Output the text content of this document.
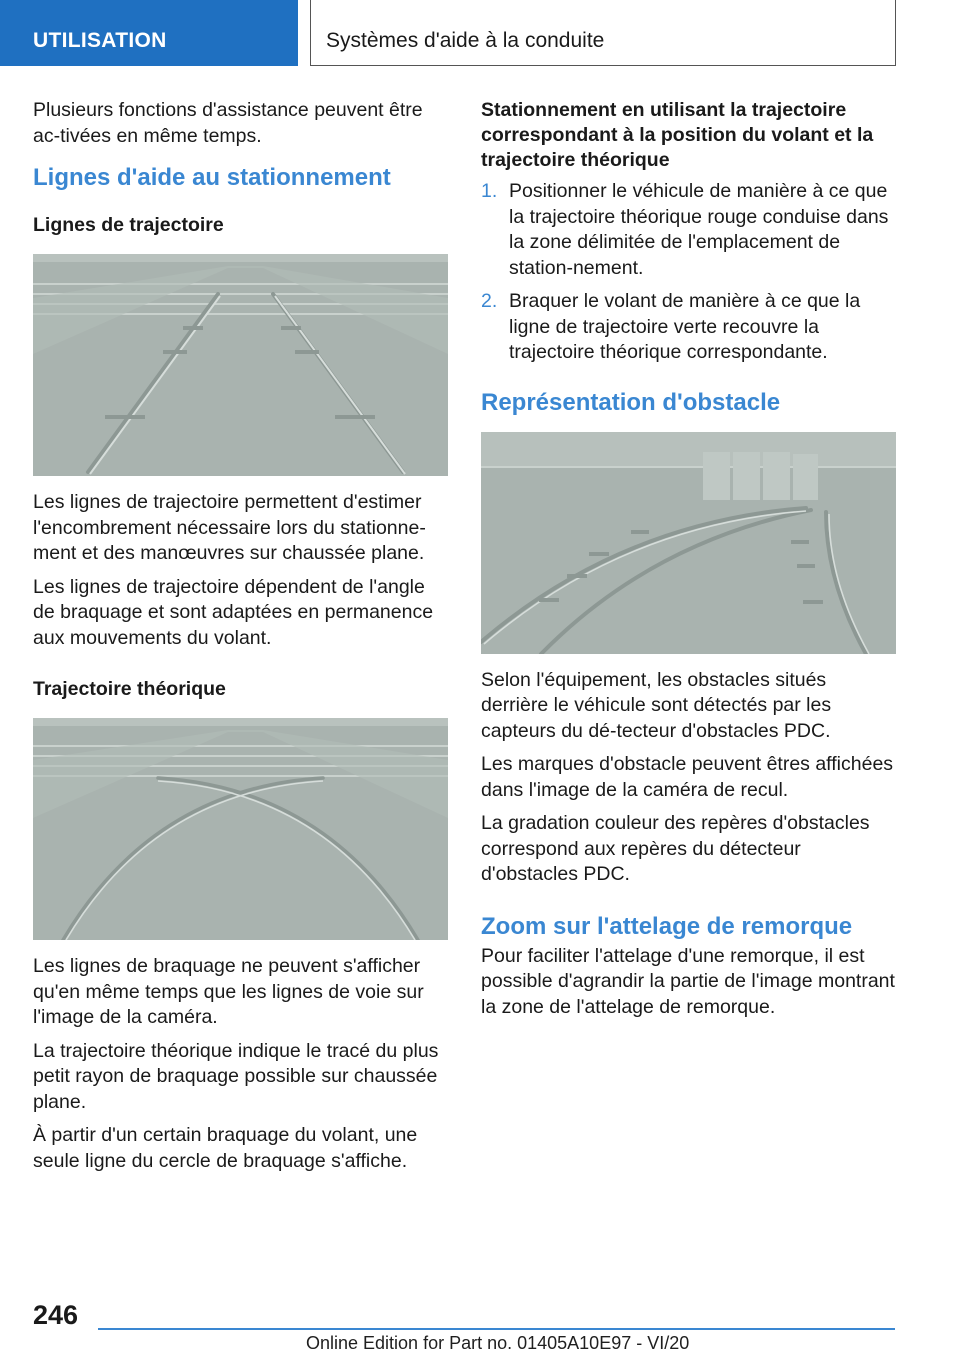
UTILISATION	Systèmes d'aide à la conduite

Plusieurs fonctions d'assistance peuvent être ac-tivées en même temps.

Lignes d'aide au stationnement
Lignes de trajectoire

Les lignes de trajectoire permettent d'estimer l'encombrement nécessaire lors du stationne-ment et des manœuvres sur chaussée plane.

Les lignes de trajectoire dépendent de l'angle de braquage et sont adaptées en permanence aux mouvements du volant.

Trajectoire théorique

Les lignes de braquage ne peuvent s'afficher qu'en même temps que les lignes de voie sur l'image de la caméra.

La trajectoire théorique indique le tracé du plus petit rayon de braquage possible sur chaussée plane.

À partir d'un certain braquage du volant, une seule ligne du cercle de braquage s'affiche.

Stationnement en utilisant la trajectoire correspondant à la position du volant et la trajectoire théorique
1. Positionner le véhicule de manière à ce que la trajectoire théorique rouge conduise dans la zone délimitée de l'emplacement de station-nement.
2. Braquer le volant de manière à ce que la ligne de trajectoire verte recouvre la trajectoire théorique correspondante.
Représentation d'obstacle

Selon l'équipement, les obstacles situés derrière le véhicule sont détectés par les capteurs du dé-tecteur d'obstacles PDC.

Les marques d'obstacle peuvent êtres affichées dans l'image de la caméra de recul.

La gradation couleur des repères d'obstacles correspond aux repères du détecteur d'obstacles PDC.

Zoom sur l'attelage de remorque

Pour faciliter l'attelage d'une remorque, il est possible d'agrandir la partie de l'image montrant la zone de l'attelage de remorque.

246
Online Edition for Part no. 01405A10E97 - VI/20
